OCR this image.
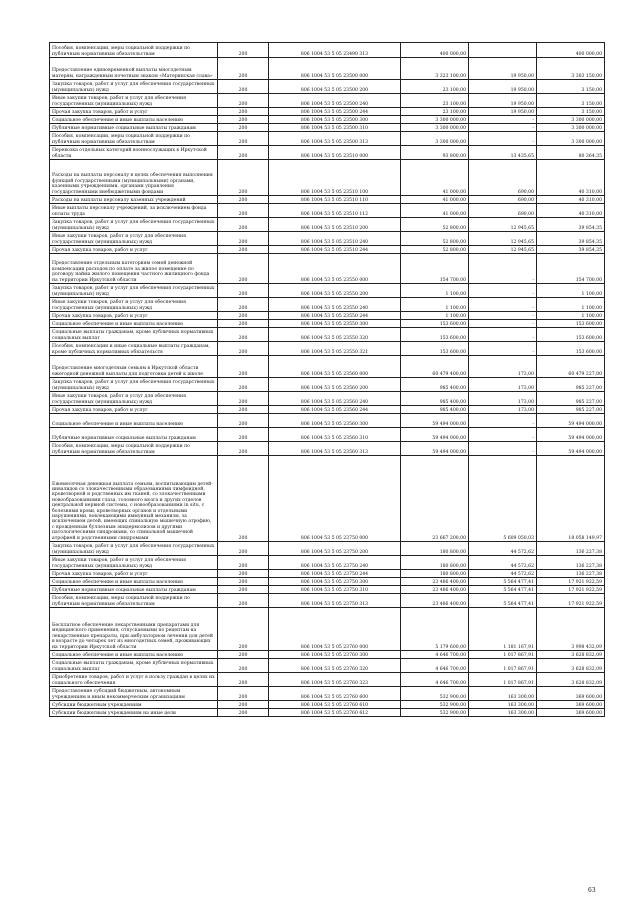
Пособия, компенсации, меры социальной поддержки по публичным нормативным обязательствам	200	806 1004 53 5 05 23490 313	400 000,00		400 000,00
Предоставление единовременной выплаты многодетным матерям, награжденным почетным знаком «Материнская слава»	200	806 1004 53 5 05 23500 000	3 323 100,00	19 950,00	3 303 150,00
Закупка товаров, работ и услуг для обеспечения государственных (муниципальных) нужд	200	806 1004 53 5 05 23500 200	23 100,00	19 950,00	3 150,00
Иные закупки товаров, работ и услуг для обеспечения государственных (муниципальных) нужд	200	806 1004 53 5 05 23500 240	23 100,00	19 950,00	3 150,00
Прочая закупка товаров, работ и услуг	200	806 1004 53 5 05 23500 244	23 100,00	19 950,00	3 150,00
Социальное обеспечение и иные выплаты населению	200	806 1004 53 5 05 23500 300	3 300 000,00	-	3 300 000,00
Публичные нормативные социальные выплаты гражданам	200	806 1004 53 5 05 23500 310	3 300 000,00	-	3 300 000,00
Пособия, компенсации, меры социальной поддержки по публичным нормативным обязательствам	200	806 1004 53 5 05 23500 313	3 300 000,00	-	3 300 000,00
Перевозка отдельных категорий военнослужащих в Иркутской области	200	806 1004 53 5 05 23510 000	93 800,00	13 435,65	80 364,35
Расходы на выплаты персоналу в целях обеспечения выполнения функций государственными (муниципальными) органами, казенными учреждениями, органами управления государственными внебюджетными фондами	200	806 1004 53 5 05 23510 100	41 000,00	690,00	40 310,00
Расходы на выплаты персоналу казенных учреждений	200	806 1004 53 5 05 23510 110	41 000,00	690,00	40 310,00
Иные выплаты персоналу учреждений, за исключением фонда оплаты труда	200	806 1004 53 5 05 23510 112	41 000,00	690,00	40 310,00
Закупка товаров, работ и услуг для обеспечения государственных (муниципальных) нужд	200	806 1004 53 5 05 23510 200	52 800,00	12 945,65	39 854,35
Иные закупки товаров, работ и услуг для обеспечения государственных (муниципальных) нужд	200	806 1004 53 5 05 23510 240	52 800,00	12 945,65	39 854,35
Прочая закупка товаров, работ и услуг	200	806 1004 53 5 05 23510 244	52 800,00	12 945,65	39 854,35
Предоставление отдельным категориям семей денежной компенсации расходов по оплате за жилое помещение по договору найма жилого помещения частного жилищного фонда на территории Иркутской области	200	806 1004 53 5 05 23550 000	154 700,00	-	154 700,00
Закупка товаров, работ и услуг для обеспечения государственных (муниципальных) нужд	200	806 1004 53 5 05 23550 200	1 100,00	-	1 100,00
Иные закупки товаров, работ и услуг для обеспечения государственных (муниципальных) нужд	200	806 1004 53 5 05 23550 240	1 100,00	-	1 100,00
Прочая закупка товаров, работ и услуг	200	806 1004 53 5 05 23550 244	1 100,00	-	1 100,00
Социальное обеспечение и иные выплаты населению	200	806 1004 53 5 05 23550 300	153 600,00	-	153 600,00
Социальные выплаты гражданам, кроме публичных нормативных социальных выплат	200	806 1004 53 5 05 23550 320	153 600,00	-	153 600,00
Пособия, компенсации и иные социальные выплаты гражданам, кроме публичных нормативных обязательств	200	806 1004 53 5 05 23550 321	153 600,00	-	153 600,00
Предоставление многодетным семьям в Иркутской области ежегодной денежной выплаты для подготовки детей к школе	200	806 1004 53 5 05 23560 000	60 479 400,00	173,00	60 479 227,00
Закупка товаров, работ и услуг для обеспечения государственных (муниципальных) нужд	200	806 1004 53 5 05 23560 200	985 400,00	173,00	985 227,00
Иные закупки товаров, работ и услуг для обеспечения государственных (муниципальных) нужд	200	806 1004 53 5 05 23560 240	985 400,00	173,00	985 227,00
Прочая закупка товаров, работ и услуг	200	806 1004 53 5 05 23560 244	985 400,00	173,00	985 227,00
Социальное обеспечение и иные выплаты населению	200	806 1004 53 5 05 23560 300	59 494 000,00	-	59 494 000,00
Публичные нормативные социальные выплаты гражданам	200	806 1004 53 5 05 23560 310	59 494 000,00	-	59 494 000,00
Пособия, компенсации, меры социальной поддержки по публичным нормативным обязательствам	200	806 1004 53 5 05 23560 313	59 494 000,00	-	59 494 000,00
Ежемесячная денежная выплата семьям, воспитывающим детей-инвалидов со злокачественными образованиями лимфоидной, кроветворной и родственных им тканей, со злокачественными новообразованиями глаза, головного мозга и других отделов центральной нервной системы, с новообразованиями in situ, с болезнями крови, кроветворных органов и отдельными нарушениями, вовлекающими иммунный механизм, за исключением детей, имеющих спинальную мышечную атрофию, с врожденным буллезным эпидермолизом и другими патологическими синдромами, со спинальной мышечной атрофией и родственными синдромами	200	806 1004 53 5 05 23750 000	23 667 200,00	5 609 050,03	18 058 149,97
Закупка товаров, работ и услуг для обеспечения государственных (муниципальных) нужд	200	806 1004 53 5 05 23750 200	180 800,00	44 572,62	136 227,38
Иные закупки товаров, работ и услуг для обеспечения государственных (муниципальных) нужд	200	806 1004 53 5 05 23750 240	180 800,00	44 572,62	136 227,38
Прочая закупка товаров, работ и услуг	200	806 1004 53 5 05 23750 244	180 800,00	44 572,62	136 227,38
Социальное обеспечение и иные выплаты населению	200	806 1004 53 5 05 23750 300	23 486 400,00	5 564 477,41	17 921 922,59
Публичные нормативные социальные выплаты гражданам	200	806 1004 53 5 05 23750 310	23 486 400,00	5 564 477,41	17 921 922,59
Пособия, компенсации, меры социальной поддержки по публичным нормативным обязательствам	200	806 1004 53 5 05 23750 313	23 486 400,00	5 564 477,41	17 921 922,59
Бесплатное обеспечение лекарственными препаратами для медицинского применения, отпускаемыми по рецептам на лекарственные препараты, при амбулаторном лечении для детей в возрасте до четырех лет из многодетных семей, проживающих на территории Иркутской области	200	806 1004 53 5 05 23760 000	5 179 600,00	1 181 167,91	3 998 432,09
Социальное обеспечение и иные выплаты населению	200	806 1004 53 5 05 23760 300	4 646 700,00	1 017 867,91	3 628 832,09
Социальные выплаты гражданам, кроме публичных нормативных социальных выплат	200	806 1004 53 5 05 23760 320	4 646 700,00	1 017 867,91	3 628 832,09
Приобретение товаров, работ и услуг в пользу граждан в целях их социального обеспечения	200	806 1004 53 5 05 23760 323	4 646 700,00	1 017 867,91	3 628 832,09
Предоставление субсидий бюджетным, автономным учреждениям и иным некоммерческим организациям	200	806 1004 53 5 05 23760 600	532 900,00	163 300,00	369 600,00
Субсидии бюджетным учреждениям	200	806 1004 53 5 05 23760 610	532 900,00	163 300,00	369 600,00
Субсидии бюджетным учреждениям на иные цели	200	806 1004 53 5 05 23760 612	532 900,00	163 300,00	369 600,00
63
